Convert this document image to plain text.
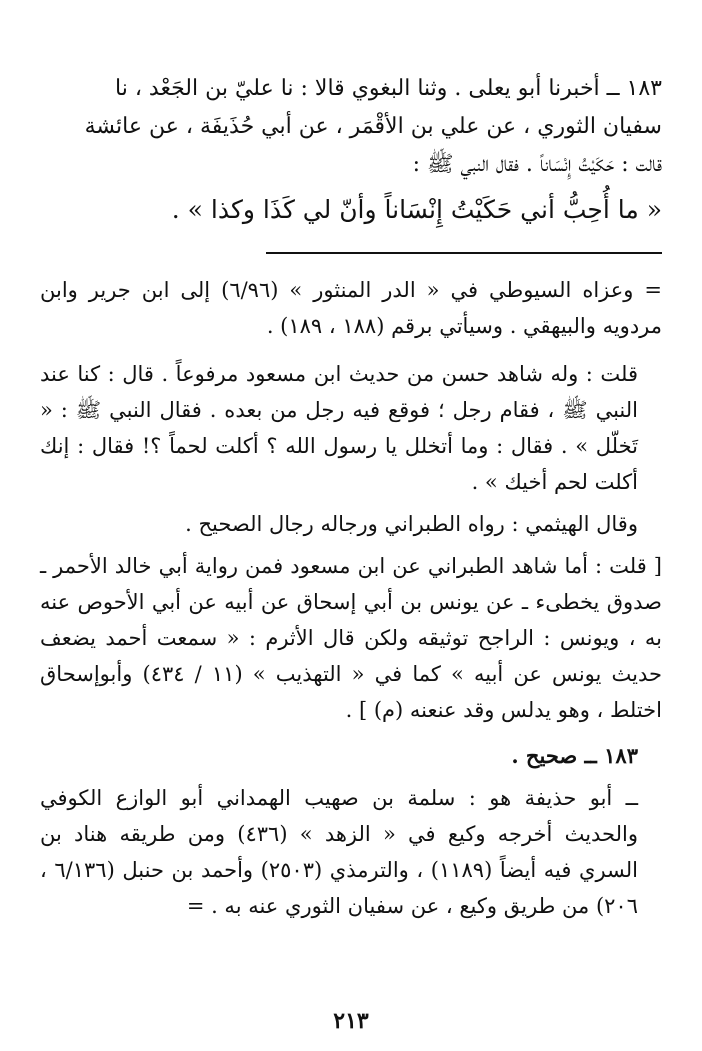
١٨٣ ــ أخبرنا أبو يعلى . وثنا البغوي قالا : نا عليّ بن الجَعْد ، نا

سفيان الثوري ، عن علي بن الأقْمَر ، عن أبي حُذَيفَة ، عن عائشة

قالت : حَكَيْتُ إِنْسَاناً . فقال النبي ﷺ :

« ما أُحِبُّ أني حَكَيْتُ إِنْسَاناً وأنّ لي كَذَا وكذا » .

= وعزاه السيوطي في « الدر المنثور » (٦/٩٦) إلى ابن جرير وابن مردويه والبيهقي . وسيأتي برقم (١٨٨ ، ١٨٩) .

قلت : وله شاهد حسن من حديث ابن مسعود مرفوعاً . قال : كنا عند النبي ﷺ ، فقام رجل ؛ فوقع فيه رجل من بعده . فقال النبي ﷺ : « تَخلّل » . فقال : وما أتخلل يا رسول الله ؟ أكلت لحماً ؟! فقال : إنك أكلت لحم أخيك » .

وقال الهيثمي : رواه الطبراني ورجاله رجال الصحيح .

[ قلت : أما شاهد الطبراني عن ابن مسعود فمن رواية أبي خالد الأحمر ـ صدوق يخطىء ـ عن يونس بن أبي إسحاق عن أبيه عن أبي الأحوص عنه به ، ويونس : الراجح توثيقه ولكن قال الأثرم : « سمعت أحمد يضعف حديث يونس عن أبيه » كما في « التهذيب » (١١ / ٤٣٤) وأبوإسحاق اختلط ، وهو يدلس وقد عنعنه (م) ] .

١٨٣ ــ صحيح .

ــ أبو حذيفة هو : سلمة بن صهيب الهمداني أبو الوازع الكوفي والحديث أخرجه وكيع في « الزهد » (٤٣٦) ومن طريقه هناد بن السري فيه أيضاً (١١٨٩) ، والترمذي (٢٥٠٣) وأحمد بن حنبل (٦/١٣٦ ، ٢٠٦) من طريق وكيع ، عن سفيان الثوري عنه به . =

٢١٣
